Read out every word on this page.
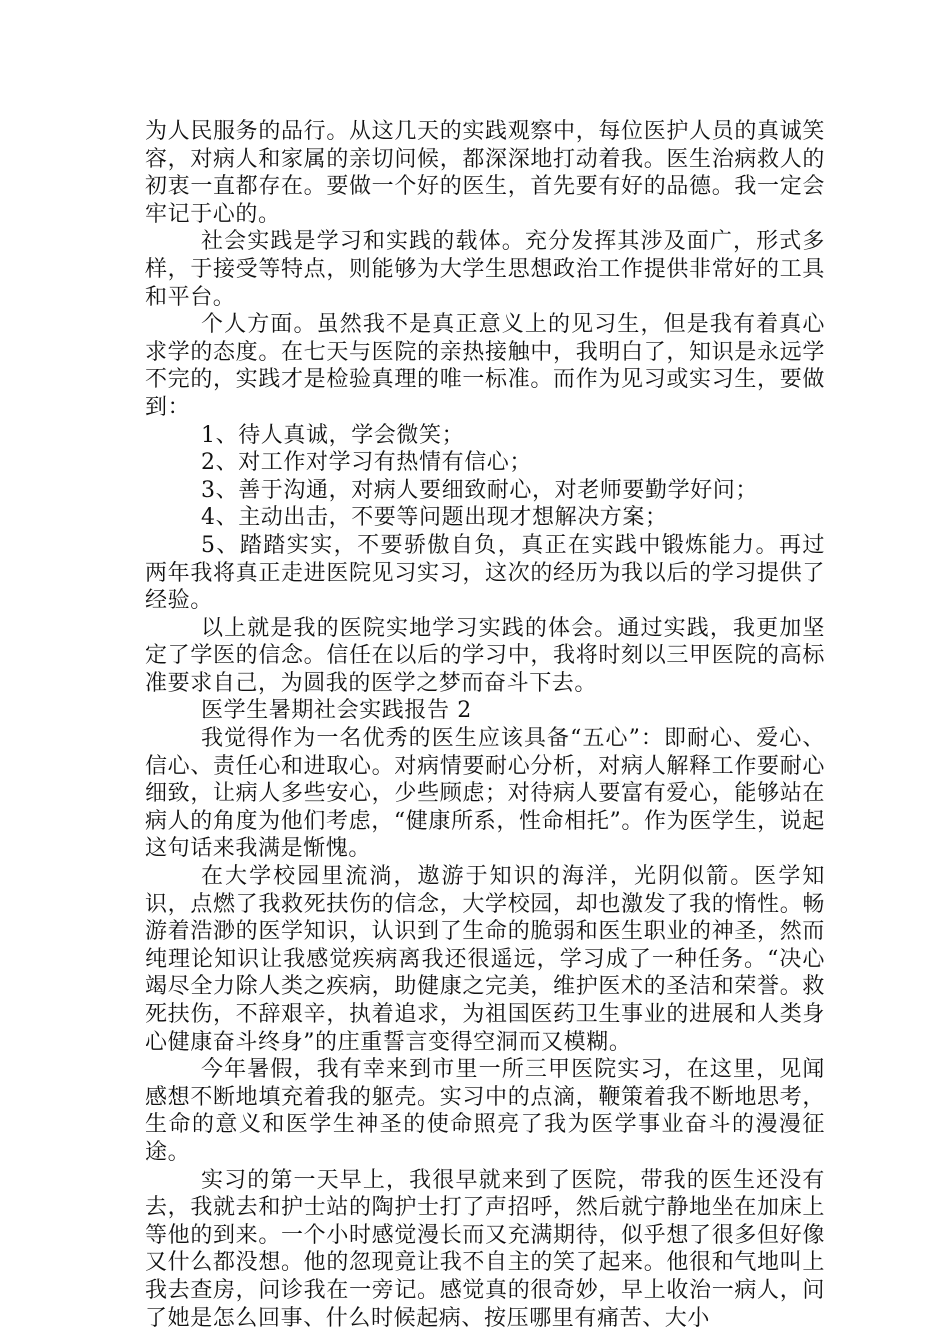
为人民服务的品行。从这几天的实践观察中，每位医护人员的真诚笑容，对病人和家属的亲切问候，都深深地打动着我。医生治病救人的初衷一直都存在。要做一个好的医生，首先要有好的品德。我一定会牢记于心的。

社会实践是学习和实践的载体。充分发挥其涉及面广，形式多样，于接受等特点，则能够为大学生思想政治工作提供非常好的工具和平台。

个人方面。虽然我不是真正意义上的见习生，但是我有着真心求学的态度。在七天与医院的亲热接触中，我明白了，知识是永远学不完的，实践才是检验真理的唯一标准。而作为见习或实习生，要做到：

1、待人真诚，学会微笑；

2、对工作对学习有热情有信心；

3、善于沟通，对病人要细致耐心，对老师要勤学好问；

4、主动出击，不要等问题出现才想解决方案；

5、踏踏实实，不要骄傲自负，真正在实践中锻炼能力。再过两年我将真正走进医院见习实习，这次的经历为我以后的学习提供了经验。

以上就是我的医院实地学习实践的体会。通过实践，我更加坚定了学医的信念。信任在以后的学习中，我将时刻以三甲医院的高标准要求自己，为圆我的医学之梦而奋斗下去。

医学生暑期社会实践报告 2

我觉得作为一名优秀的医生应该具备“五心”：即耐心、爱心、信心、责任心和进取心。对病情要耐心分析，对病人解释工作要耐心细致，让病人多些安心，少些顾虑；对待病人要富有爱心，能够站在病人的角度为他们考虑，“健康所系，性命相托”。作为医学生，说起这句话来我满是惭愧。

在大学校园里流淌，遨游于知识的海洋，光阴似箭。医学知识，点燃了我救死扶伤的信念，大学校园，却也激发了我的惰性。畅游着浩渺的医学知识，认识到了生命的脆弱和医生职业的神圣，然而纯理论知识让我感觉疾病离我还很遥远，学习成了一种任务。“决心竭尽全力除人类之疾病，助健康之完美，维护医术的圣洁和荣誉。救死扶伤，不辞艰辛，执着追求，为祖国医药卫生事业的进展和人类身心健康奋斗终身”的庄重誓言变得空洞而又模糊。

今年暑假，我有幸来到市里一所三甲医院实习，在这里，见闻感想不断地填充着我的躯壳。实习中的点滴，鞭策着我不断地思考，生命的意义和医学生神圣的使命照亮了我为医学事业奋斗的漫漫征途。

实习的第一天早上，我很早就来到了医院，带我的医生还没有去，我就去和护士站的陶护士打了声招呼，然后就宁静地坐在加床上等他的到来。一个小时感觉漫长而又充满期待，似乎想了很多但好像又什么都没想。他的忽现竟让我不自主的笑了起来。他很和气地叫上我去查房，问诊我在一旁记。感觉真的很奇妙，早上收治一病人，问了她是怎么回事、什么时候起病、按压哪里有痛苦、大小
